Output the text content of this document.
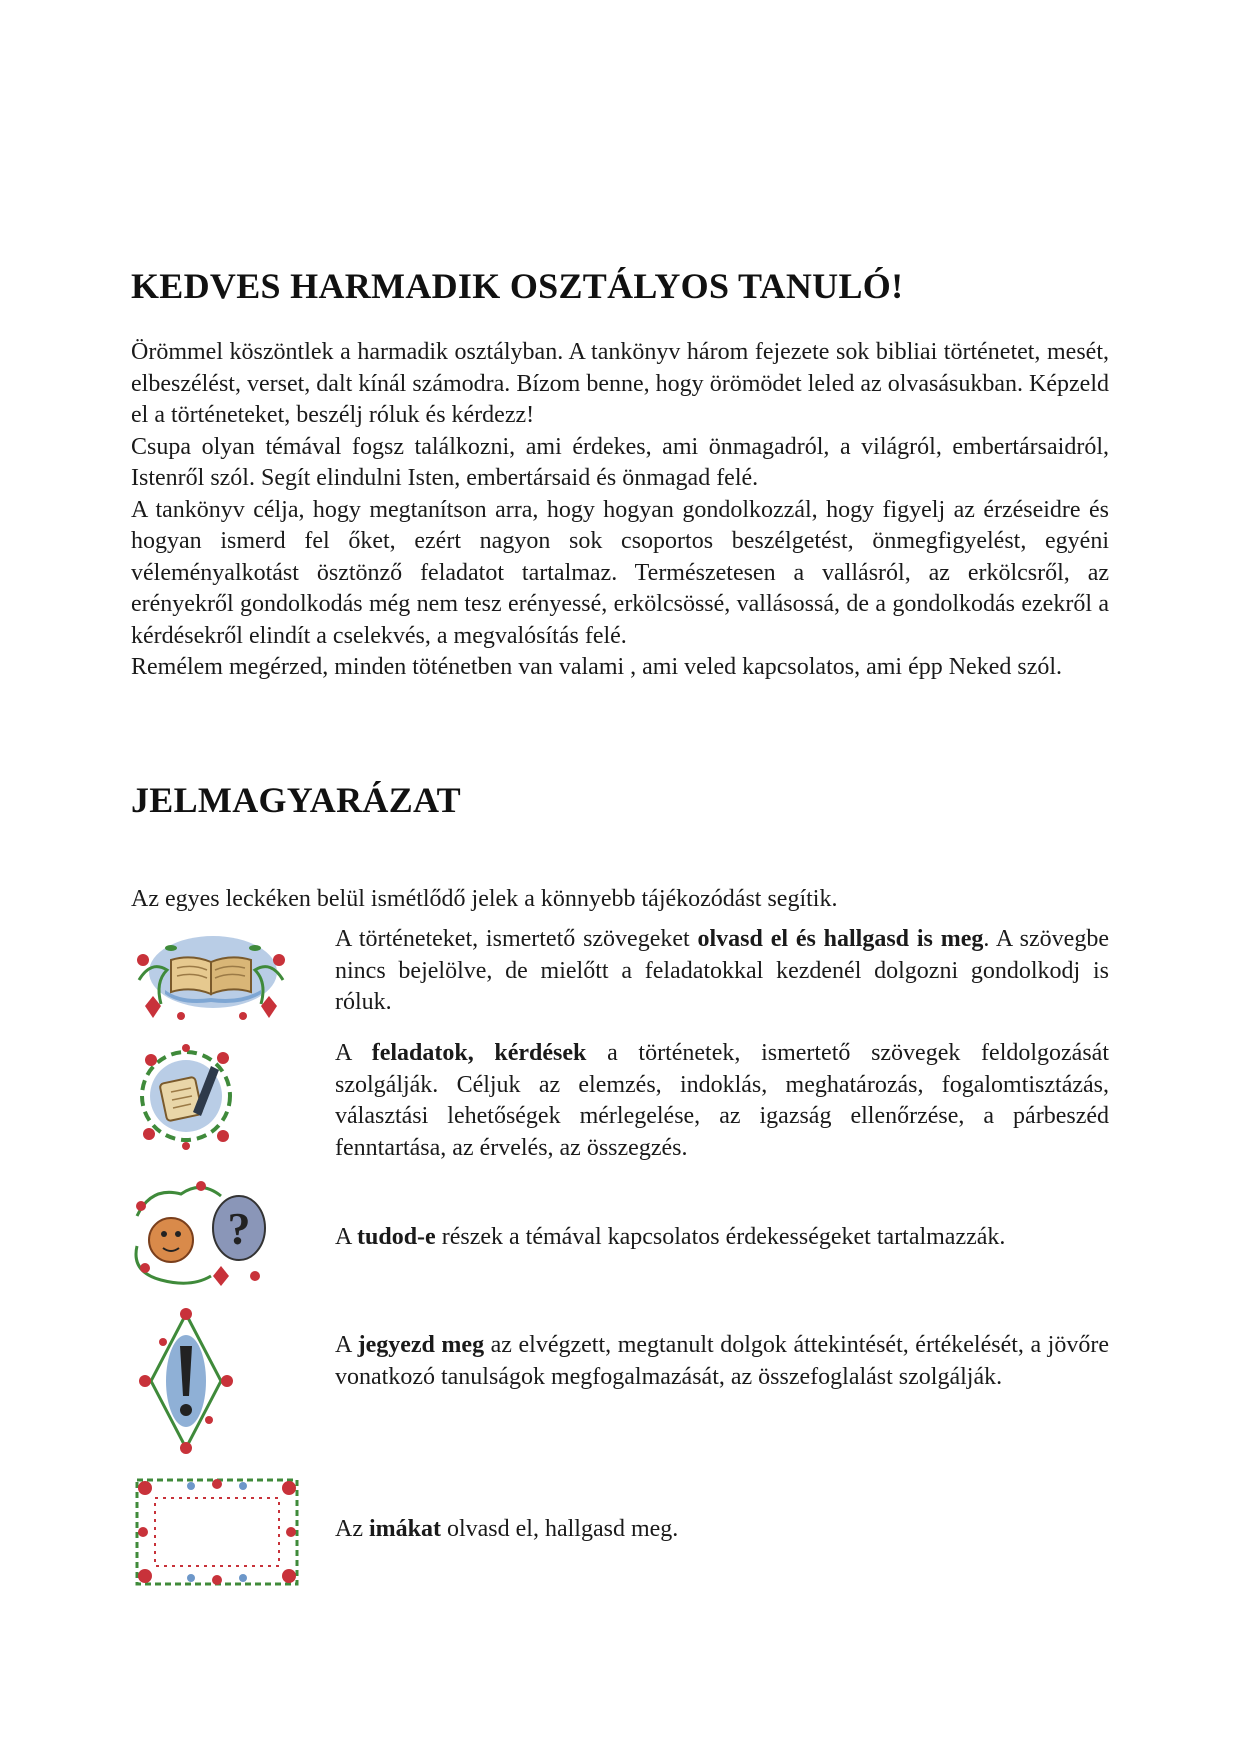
KEDVES HARMADIK OSZTÁLYOS TANULÓ!

Örömmel köszöntlek a harmadik osztályban. A tankönyv három fejezete sok bibliai történetet, mesét, elbeszélést, verset, dalt kínál számodra. Bízom benne, hogy örömödet leled az olvasásukban. Képzeld el a történeteket, beszélj róluk és kérdezz!

Csupa olyan témával fogsz találkozni, ami érdekes, ami önmagadról, a világról, embertársaidról, Istenről szól. Segít elindulni Isten, embertársaid és önmagad felé.

A tankönyv célja, hogy megtanítson arra, hogy hogyan gondolkozzál, hogy figyelj az érzéseidre és hogyan ismerd fel őket, ezért nagyon sok csoportos beszélgetést, önmegfigyelést, egyéni véleményalkotást ösztönző feladatot tartalmaz. Természetesen a vallásról, az erkölcsről, az erényekről gondolkodás még nem tesz erényessé, erkölcsössé, vallásossá, de a gondolkodás ezekről a kérdésekről elindít a cselekvés, a megvalósítás felé.

Remélem megérzed, minden töténetben van valami , ami veled kapcsolatos, ami épp Neked szól.

JELMAGYARÁZAT
Az egyes leckéken belül ismétlődő jelek a könnyebb tájékozódást segítik.
A történeteket, ismertető szövegeket olvasd el és hallgasd is meg. A szövegbe nincs bejelölve, de mielőtt a feladatokkal kezdenél dolgozni gondolkodj is róluk.
A feladatok, kérdések a történetek, ismertető szövegek feldolgozását szolgálják. Céljuk az elemzés, indoklás, meghatározás, fogalomtisztázás, választási lehetőségek mérlegelése, az igazság ellenőrzése, a párbeszéd fenntartása, az érvelés, az összegzés.
?	A tudod-e részek a témával kapcsolatos érdekességeket tartalmazzák.
A jegyezd meg az elvégzett, megtanult dolgok áttekintését, értékelését, a jövőre vonatkozó tanulságok megfogalmazását, az összefoglalást szolgálják.
Az imákat olvasd el, hallgasd meg.
